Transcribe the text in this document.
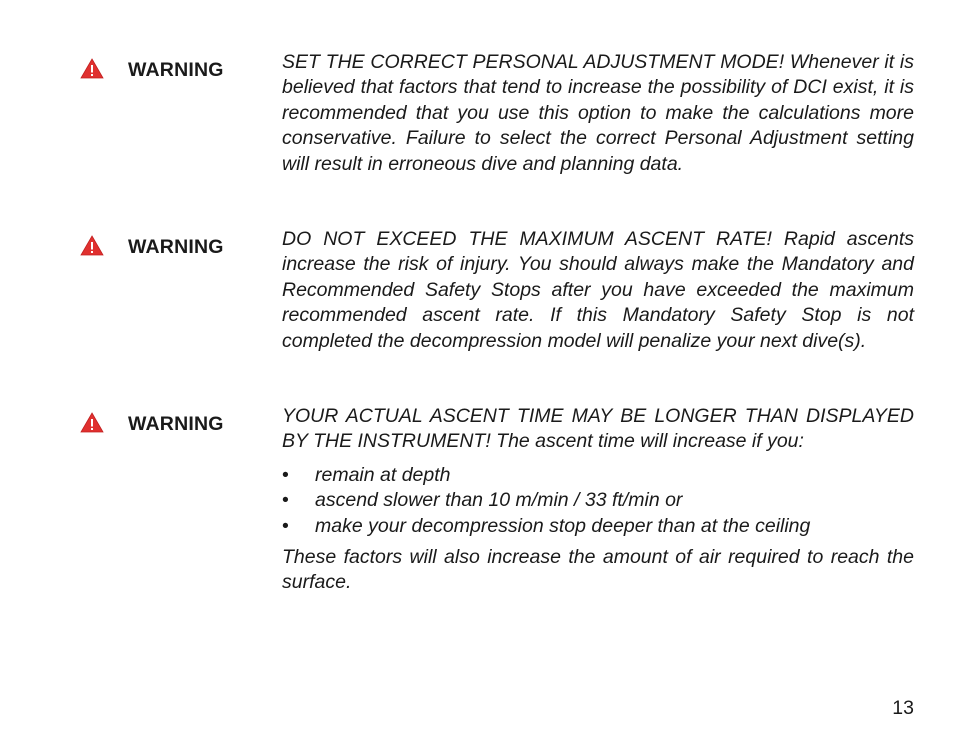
WARNING	SET THE CORRECT PERSONAL ADJUSTMENT MODE! Whenever it is believed that factors that tend to increase the possibility of DCI exist, it is recommended that you use this option to make the calculations more conservative. Failure to select the correct Personal Adjustment setting will result in erroneous dive and planning data.

WARNING	DO NOT EXCEED THE MAXIMUM ASCENT RATE! Rapid ascents increase the risk of injury. You should always make the Mandatory and Recommended Safety Stops after you have exceeded the maximum recommended ascent rate. If this Mandatory Safety Stop is not completed the decompression model will penalize your next dive(s).

WARNING	YOUR ACTUAL ASCENT TIME MAY BE LONGER THAN DISPLAYED BY THE INSTRUMENT! The ascent time will increase if you:

• remain at depth
• ascend slower than 10 m/min / 33 ft/min or
• make your decompression stop deeper than at the ceiling

These factors will also increase the amount of air required to reach the surface.

13
